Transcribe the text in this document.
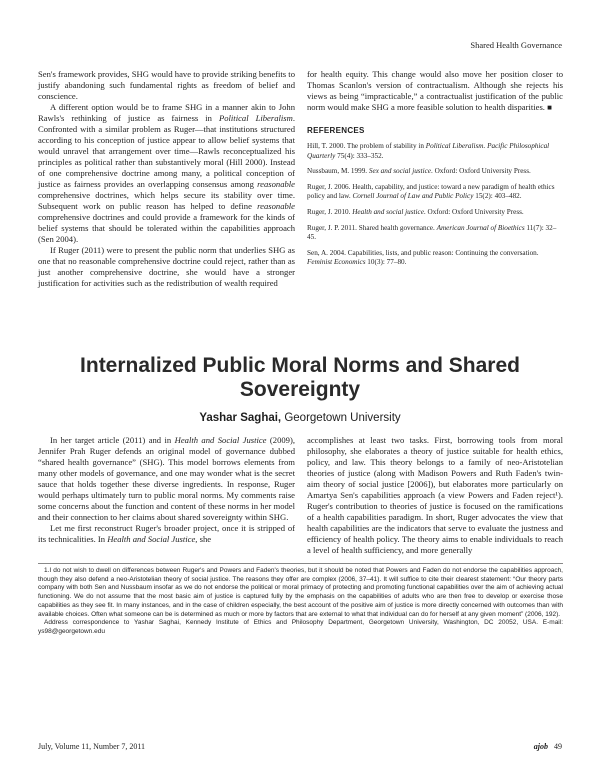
Shared Health Governance

Sen's framework provides, SHG would have to provide striking benefits to justify abandoning such fundamental rights as freedom of belief and conscience.

A different option would be to frame SHG in a manner akin to John Rawls's rethinking of justice as fairness in Political Liberalism. Confronted with a similar problem as Ruger—that institutions structured according to his conception of justice appear to allow belief systems that would unravel that arrangement over time—Rawls reconceptualized his principles as political rather than substantively moral (Hill 2000). Instead of one comprehensive doctrine among many, a political conception of justice as fairness provides an overlapping consensus among reasonable comprehensive doctrines, which helps secure its stability over time. Subsequent work on public reason has helped to define reasonable comprehensive doctrines and could provide a framework for the kinds of belief systems that should be tolerated within the capabilities approach (Sen 2004).

If Ruger (2011) were to present the public norm that underlies SHG as one that no reasonable comprehensive doctrine could reject, rather than as just another comprehensive doctrine, she would have a stronger justification for activities such as the redistribution of wealth required

for health equity. This change would also move her position closer to Thomas Scanlon's version of contractualism. Although she rejects his views as being “impracticable,” a contractualist justification of the public norm would make SHG a more feasible solution to health disparities. ■

REFERENCES
Hill, T. 2000. The problem of stability in Political Liberalism. Pacific Philosophical Quarterly 75(4): 333–352.
Nussbaum, M. 1999. Sex and social justice. Oxford: Oxford University Press.
Ruger, J. 2006. Health, capability, and justice: toward a new paradigm of health ethics policy and law. Cornell Journal of Law and Public Policy 15(2): 403–482.
Ruger, J. 2010. Health and social justice. Oxford: Oxford University Press.
Ruger, J. P. 2011. Shared health governance. American Journal of Bioethics 11(7): 32–45.
Sen, A. 2004. Capabilities, lists, and public reason: Continuing the conversation. Feminist Economics 10(3): 77–80.
Internalized Public Moral Norms and Shared Sovereignty
Yashar Saghai, Georgetown University

In her target article (2011) and in Health and Social Justice (2009), Jennifer Prah Ruger defends an original model of governance dubbed “shared health governance” (SHG). This model borrows elements from many other models of governance, and one may wonder what is the secret sauce that holds together these diverse ingredients. In response, Ruger would perhaps ultimately turn to public moral norms. My comments raise some concerns about the function and content of these norms in her model and their connection to her claims about shared sovereignty within SHG.

Let me first reconstruct Ruger's broader project, once it is stripped of its technicalities. In Health and Social Justice, she

accomplishes at least two tasks. First, borrowing tools from moral philosophy, she elaborates a theory of justice suitable for health ethics, policy, and law. This theory belongs to a family of neo-Aristotelian theories of justice (along with Madison Powers and Ruth Faden's twin-aim theory of social justice [2006]), but elaborates more particularly on Amartya Sen's capabilities approach (a view Powers and Faden reject¹). Ruger's contribution to theories of justice is focused on the ramifications of a health capabilities paradigm. In short, Ruger advocates the view that health capabilities are the indicators that serve to evaluate the justness and efficiency of health policy. The theory aims to enable individuals to reach a level of health sufficiency, and more generally

1.I do not wish to dwell on differences between Ruger's and Powers and Faden's theories, but it should be noted that Powers and Faden do not endorse the capabilities approach, though they also defend a neo-Aristotelian theory of social justice. The reasons they offer are complex (2006, 37–41). It will suffice to cite their clearest statement: “Our theory parts company with both Sen and Nussbaum insofar as we do not endorse the political or moral primacy of protecting and promoting functional capabilities over the aim of achieving actual functioning. We do not assume that the most basic aim of justice is captured fully by the emphasis on the capabilities of adults who are then free to develop or exercise those capabilities as they see fit. In many instances, and in the case of children especially, the best account of the positive aim of justice is more directly concerned with outcomes than with available choices. Often what someone can be is determined as much or more by factors that are external to what that individual can do for herself at any given moment” (2006, 192).

Address correspondence to Yashar Saghai, Kennedy Institute of Ethics and Philosophy Department, Georgetown University, Washington, DC 20052, USA. E-mail: ys98@georgetown.edu

July, Volume 11, Number 7, 2011	ajob 49
